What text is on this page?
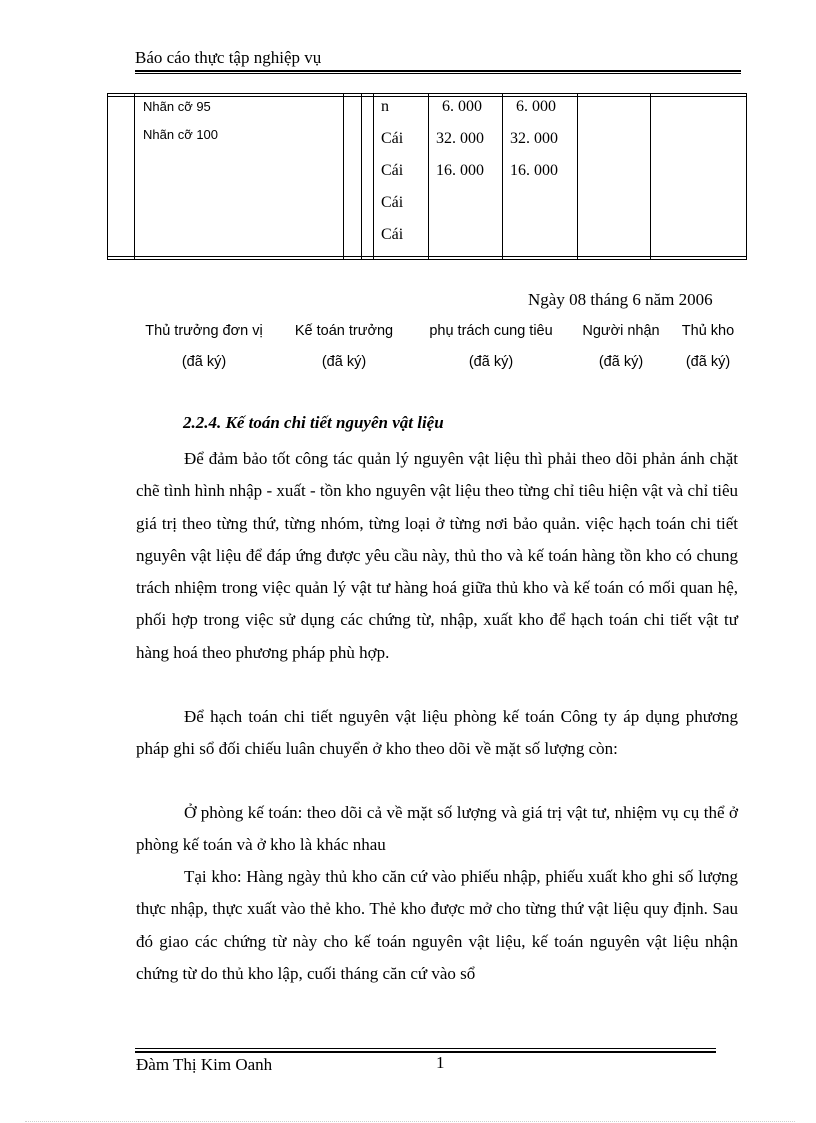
Báo cáo thực tập nghiệp vụ
Nhãn cỡ 95
Nhãn cỡ 100
n
Cái
Cái
Cái
Cái
6. 000
32. 000
16. 000
6. 000
32. 000
16. 000
Ngày 08 tháng 6 năm 2006
Thủ trưởng đơn vị
(đã ký)
Kế toán trưởng
(đã ký)
phụ trách cung tiêu
(đã ký)
Người nhận
(đã ký)
Thủ kho
(đã ký)
2.2.4. Kế toán chi tiết nguyên vật liệu

Để đảm bảo tốt công tác quản lý nguyên vật liệu thì phải theo dõi phản ánh chặt chẽ tình hình nhập - xuất - tồn kho nguyên vật liệu theo từng chỉ tiêu hiện vật và chỉ tiêu giá trị theo từng thứ, từng nhóm, từng loại ở từng nơi bảo quản. việc hạch toán chi tiết nguyên vật liệu để đáp ứng được yêu cầu này, thủ tho và kế toán hàng tồn kho có chung trách nhiệm trong việc quản lý vật tư hàng hoá giữa thủ kho và kế toán có mối quan hệ, phối hợp trong việc sử dụng các chứng từ, nhập, xuất kho để hạch toán chi tiết vật tư hàng hoá theo phương pháp phù hợp.

Để hạch toán chi tiết nguyên vật liệu phòng kế toán Công ty áp dụng phương pháp ghi sổ đối chiếu luân chuyển ở kho theo dõi về mặt số lượng còn:

Ở phòng kế toán: theo dõi cả về mặt số lượng và giá trị vật tư, nhiệm vụ cụ thể ở phòng kế toán và ở kho là khác nhau

Tại kho: Hàng ngày thủ kho căn cứ vào phiếu nhập, phiếu xuất kho ghi số lượng thực nhập, thực xuất vào thẻ kho. Thẻ kho được mở cho từng thứ vật liệu quy định. Sau đó giao các chứng từ này cho kế toán nguyên vật liệu, kế toán nguyên vật liệu nhận chứng từ do thủ kho lập, cuối tháng căn cứ vào sổ

Đàm Thị Kim Oanh	1
